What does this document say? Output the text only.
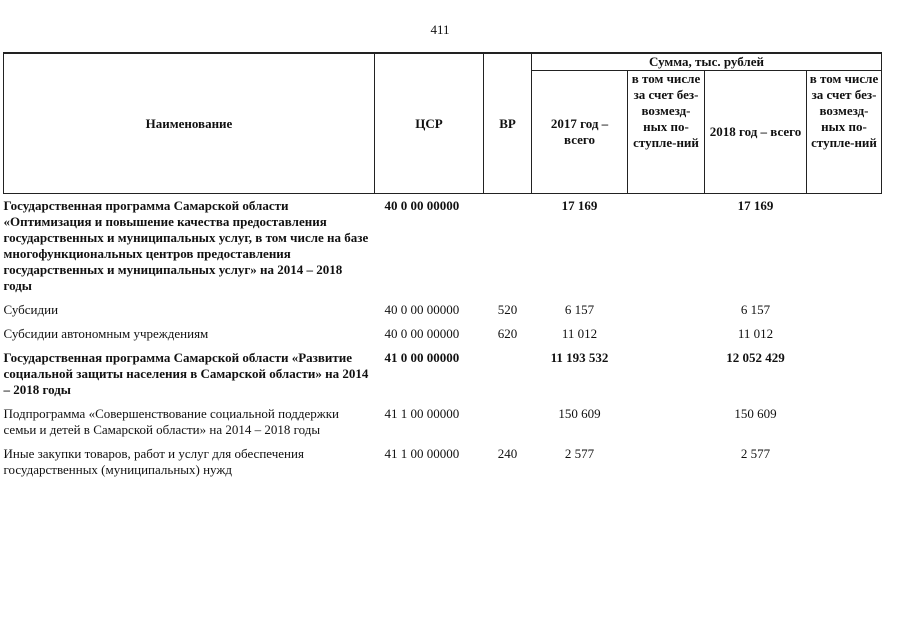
411
Наименование	ЦСР	ВР	Сумма, тыс. рублей			
			2017 год – всего	в том числе за счет без-возмезд-ных по-ступле-ний	2018 год – всего	в том числе за счет без-возмезд-ных по-ступле-ний
Государственная программа Самарской области «Оптимизация и повышение качества предоставления государственных и муниципальных услуг, в том числе на базе многофункциональных центров предоставления государственных и муниципальных услуг» на 2014 – 2018 годы	40 0 00 00000		17 169		17 169	
Субсидии	40 0 00 00000	520	6 157		6 157	
Субсидии автономным учреждениям	40 0 00 00000	620	11 012		11 012	
Государственная программа Самарской области «Развитие социальной защиты населения в Самарской области» на 2014 – 2018 годы	41 0 00 00000		11 193 532		12 052 429	
Подпрограмма «Совершенствование социальной поддержки семьи и детей в Самарской области» на 2014 – 2018 годы	41 1 00 00000		150 609		150 609	
Иные закупки товаров, работ и услуг для обеспечения государственных (муниципальных) нужд	41 1 00 00000	240	2 577		2 577	
